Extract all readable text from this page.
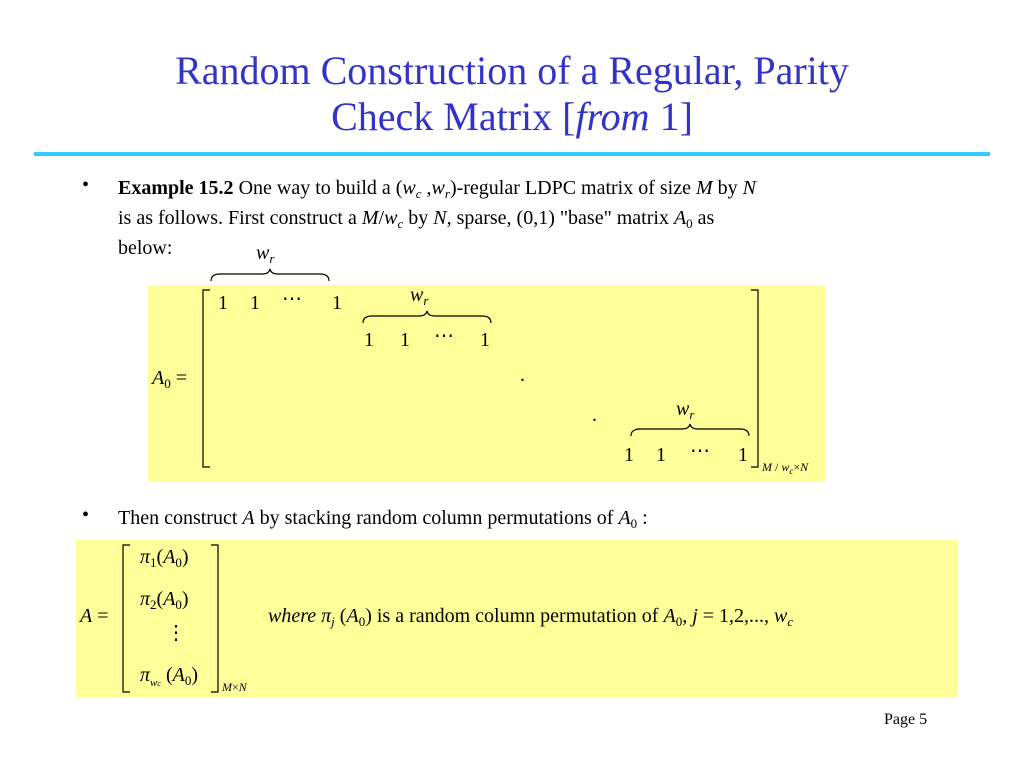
Random Construction of a Regular, Parity
Check Matrix [from 1]
• Example 15.2 One way to build a ($w_c$ $,w_r$)-regular LDPC matrix of size M by N
is as follows. First construct a $M/w_c$ by N, sparse, (0,1) "base" matrix $A_0$ as
below:	$w_r$
$A_0$ =
1 1 ⋯ 1	$w_r$
1 1 ⋯ 1
.
.	$w_r$
1 1 ⋯ 1
$M / w_c\times N$
• Then construct A by stacking random column permutations of $A_0$ :
A =
$\pi_1(A_0)$
$\pi_2(A_0)$
⋮
$\pi_{wc}$ $(A_0)$
M×N
where $\pi_j$ $(A_0)$ is a random column permutation of $A_0$, j = 1,2,..., $w_c$
Page 5
